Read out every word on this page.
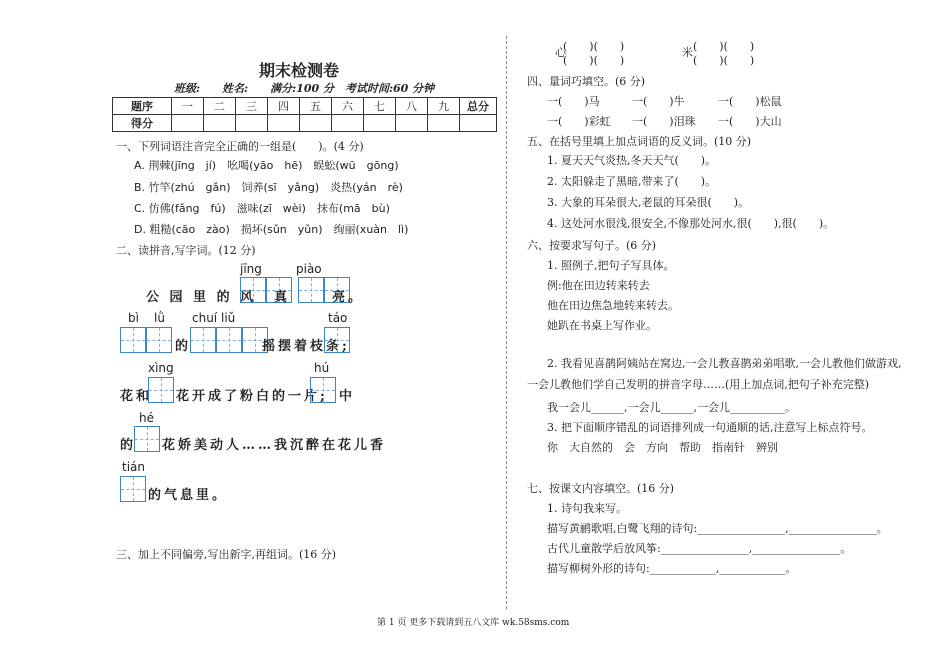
期末检测卷
班级:　　姓名:　　满分:100 分　考试时间:60 分钟
题序	一	二	三	四	五	六	七	八	九	总分
得分										
一、下列词语注音完全正确的一组是(　　)。(4 分)
A. 荆棘(jīng　jí)　吆喝(yāo　hē)　蜈蚣(wū　gōng)
B. 竹竿(zhú　gǎn)　饲养(sī　yǎng)　炎热(yán　rè)
C. 仿佛(fǎng　fú)　滋味(zī　wèi)　抹布(mā　bù)
D. 粗糙(cāo　zào)　损坏(sǔn　yǔn)　绚丽(xuàn　lì)
二、读拼音,写字词。(12 分)
公 园 里 的 风
jīng
真
piào
亮。
bì lǜ
的
chuí liǔ
摇摆着枝条;
táo
花和
xìng
花开成了粉白的一片;
hú
中
的
hé
花娇美动人……我沉醉在花儿香
tián
的气息里。
三、加上不同偏旁,写出新字,再组词。(16 分)
心
(　　)(　　)
(　　)(　　)
米 (　　)(　　)
(　　)(　　)
四、量词巧填空。(6 分)
一(　　)马	一(　　)牛	一(　　)松鼠
一(　　)彩虹 一(　　)泪珠 一(　　)大山
五、在括号里填上加点词语的反义词。(10 分)
1. 夏天天气炎热,冬天天气(　　)。
2. 太阳躲走了黑暗,带来了(　　)。
3. 大象的耳朵很大,老鼠的耳朵很(　　)。
4. 这处河水很浅,很安全,不像那处河水,很(　　),很(　　)。
六、按要求写句子。(6 分)
1. 照例子,把句子写具体。
例:他在田边转来转去
他在田边焦急地转来转去。
她趴在书桌上写作业。
2. 我看见喜鹊阿姨站在窝边,一会儿教喜鹊弟弟唱歌,一会儿教他们做游戏,
一会儿教他们学自己发明的拼音字母……(用上加点词,把句子补充完整)
我一会儿______,一会儿______,一会儿__________。
3. 把下面顺序错乱的词语排列成一句通顺的话,注意写上标点符号。
你　大自然的　会　方向　帮助　指南针　辨别
七、按课文内容填空。(16 分)
1. 诗句我来写。
描写黄鹂歌唱,白鹭飞翔的诗句:________________,________________。
古代儿童散学后放风筝:________________,________________。
描写柳树外形的诗句:____________,____________。
第 1 页 更多下载请到五八文库 wk.58sms.com
